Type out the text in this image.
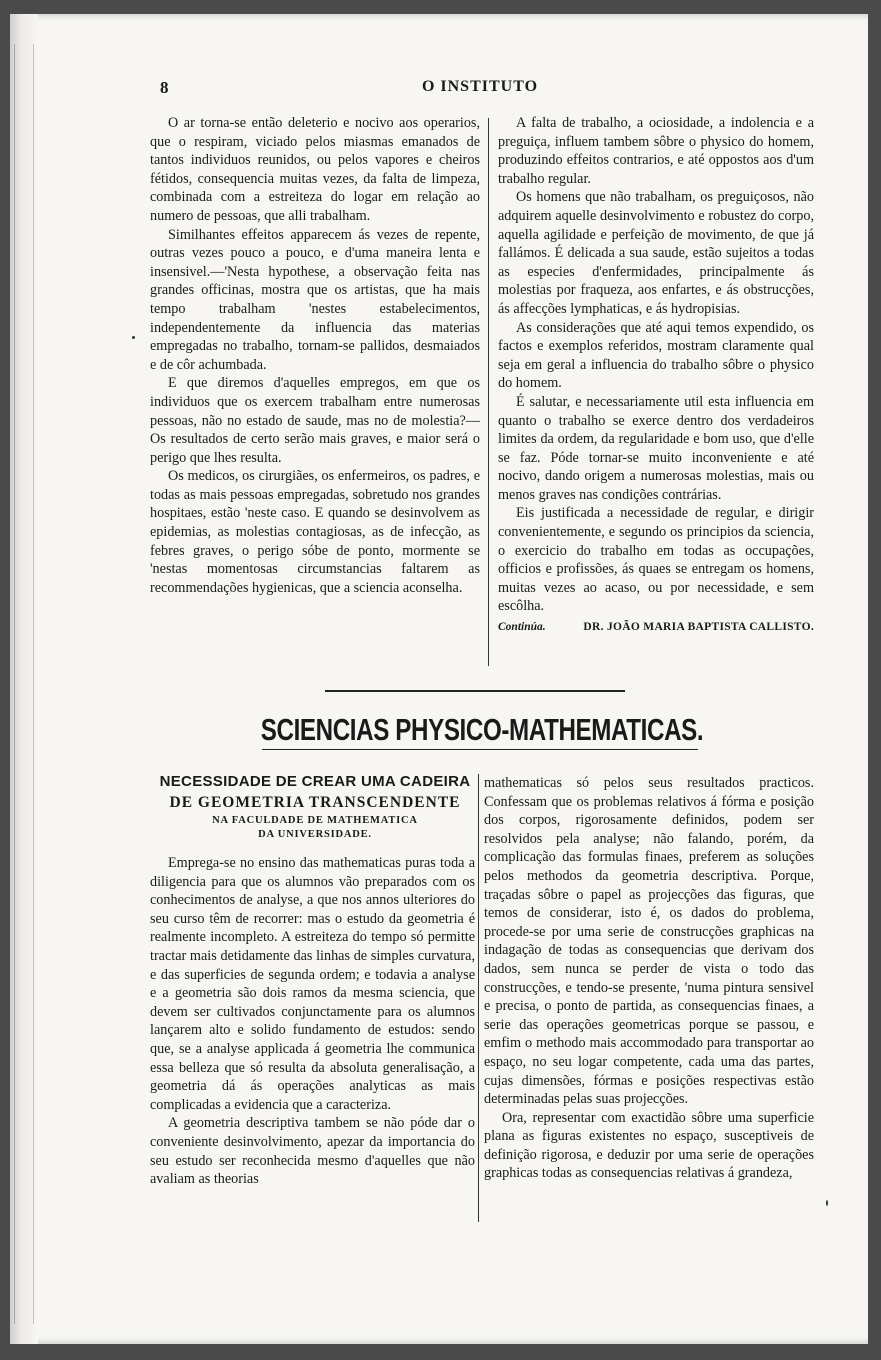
8	O INSTITUTO

O ar torna-se então deleterio e nocivo aos operarios, que o respiram, viciado pelos miasmas emanados de tantos individuos reunidos, ou pelos vapores e cheiros fétidos, consequencia muitas vezes, da falta de limpeza, combinada com a estreiteza do logar em relação ao numero de pessoas, que alli trabalham.

Similhantes effeitos apparecem ás vezes de repente, outras vezes pouco a pouco, e d'uma maneira lenta e insensivel.—'Nesta hypothese, a observação feita nas grandes officinas, mostra que os artistas, que ha mais tempo trabalham 'nestes estabelecimentos, independentemente da influencia das materias empregadas no trabalho, tornam-se pallidos, desmaiados e de côr achumbada.

E que diremos d'aquelles empregos, em que os individuos que os exercem trabalham entre numerosas pessoas, não no estado de saude, mas no de molestia?— Os resultados de certo serão mais graves, e maior será o perigo que lhes resulta.

Os medicos, os cirurgiães, os enfermeiros, os padres, e todas as mais pessoas empregadas, sobretudo nos grandes hospitaes, estão 'neste caso. E quando se desinvolvem as epidemias, as molestias contagiosas, as de infecção, as febres graves, o perigo sóbe de ponto, mormente se 'nestas momentosas circumstancias faltarem as recommendações hygienicas, que a sciencia aconselha.

A falta de trabalho, a ociosidade, a indolencia e a preguiça, influem tambem sôbre o physico do homem, produzindo effeitos contrarios, e até oppostos aos d'um trabalho regular.

Os homens que não trabalham, os preguiçosos, não adquirem aquelle desinvolvimento e robustez do corpo, aquella agilidade e perfeição de movimento, de que já fallámos. É delicada a sua saude, estão sujeitos a todas as especies d'enfermidades, principalmente ás molestias por fraqueza, aos enfartes, e ás obstrucções, ás affecções lymphaticas, e ás hydropisias.

As considerações que até aqui temos expendido, os factos e exemplos referidos, mostram claramente qual seja em geral a influencia do trabalho sôbre o physico do homem.

É salutar, e necessariamente util esta influencia em quanto o trabalho se exerce dentro dos verdadeiros limites da ordem, da regularidade e bom uso, que d'elle se faz. Póde tornar-se muito inconveniente e até nocivo, dando origem a numerosas molestias, mais ou menos graves nas condições contrárias.

Eis justificada a necessidade de regular, e dirigir convenientemente, e segundo os principios da sciencia, o exercicio do trabalho em todas as occupações, officios e profissões, ás quaes se entregam os homens, muitas vezes ao acaso, ou por necessidade, e sem escôlha.

Continúa.	DR. JOÃO MARIA BAPTISTA CALLISTO.
SCIENCIAS PHYSICO-MATHEMATICAS.
NECESSIDADE DE CREAR UMA CADEIRA
DE GEOMETRIA TRANSCENDENTE
NA FACULDADE DE MATHEMATICA
DA UNIVERSIDADE.

Emprega-se no ensino das mathematicas puras toda a diligencia para que os alumnos vão preparados com os conhecimentos de analyse, a que nos annos ulteriores do seu curso têm de recorrer: mas o estudo da geometria é realmente incompleto. A estreiteza do tempo só permitte tractar mais detidamente das linhas de simples curvatura, e das superficies de segunda ordem; e todavia a analyse e a geometria são dois ramos da mesma sciencia, que devem ser cultivados conjunctamente para os alumnos lançarem alto e solido fundamento de estudos: sendo que, se a analyse applicada á geometria lhe communica essa belleza que só resulta da absoluta generalisação, a geometria dá ás operações analyticas as mais complicadas a evidencia que a caracteriza.

A geometria descriptiva tambem se não póde dar o conveniente desinvolvimento, apezar da importancia do seu estudo ser reconhecida mesmo d'aquelles que não avaliam as theorias

mathematicas só pelos seus resultados practicos. Confessam que os problemas relativos á fórma e posição dos corpos, rigorosamente definidos, podem ser resolvidos pela analyse; não falando, porém, da complicação das formulas finaes, preferem as soluções pelos methodos da geometria descriptiva. Porque, traçadas sôbre o papel as projecções das figuras, que temos de considerar, isto é, os dados do problema, procede-se por uma serie de construcções graphicas na indagação de todas as consequencias que derivam dos dados, sem nunca se perder de vista o todo das construcções, e tendo-se presente, 'numa pintura sensivel e precisa, o ponto de partida, as consequencias finaes, a serie das operações geometricas porque se passou, e emfim o methodo mais accommodado para transportar ao espaço, no seu logar competente, cada uma das partes, cujas dimensões, fórmas e posições respectivas estão determinadas pelas suas projecções.

Ora, representar com exactidão sôbre uma superficie plana as figuras existentes no espaço, susceptiveis de definição rigorosa, e deduzir por uma serie de operações graphicas todas as consequencias relativas á grandeza,
